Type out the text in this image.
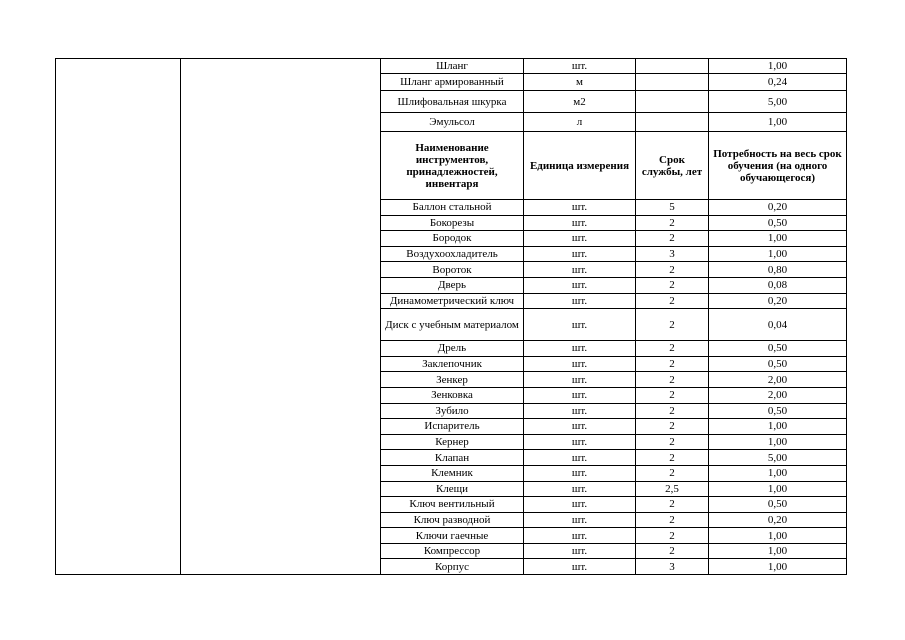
		Шланг	шт.		1,00
		Шланг армированный	м		0,24
		Шлифовальная шкурка	м2		5,00
		Эмульсол	л		1,00
		Наименование инструментов, принадлежностей, инвентаря	Единица измерения	Срок службы, лет	Потребность на весь срок обучения (на одного обучающегося)
		Баллон стальной	шт.	5	0,20
		Бокорезы	шт.	2	0,50
		Бородок	шт.	2	1,00
		Воздухоохладитель	шт.	3	1,00
		Вороток	шт.	2	0,80
		Дверь	шт.	2	0,08
		Динамометрический ключ	шт.	2	0,20
		Диск с учебным материалом	шт.	2	0,04
		Дрель	шт.	2	0,50
		Заклепочник	шт.	2	0,50
		Зенкер	шт.	2	2,00
		Зенковка	шт.	2	2,00
		Зубило	шт.	2	0,50
		Испаритель	шт.	2	1,00
		Кернер	шт.	2	1,00
		Клапан	шт.	2	5,00
		Клемник	шт.	2	1,00
		Клещи	шт.	2,5	1,00
		Ключ вентильный	шт.	2	0,50
		Ключ разводной	шт.	2	0,20
		Ключи гаечные	шт.	2	1,00
		Компрессор	шт.	2	1,00
		Корпус	шт.	3	1,00
